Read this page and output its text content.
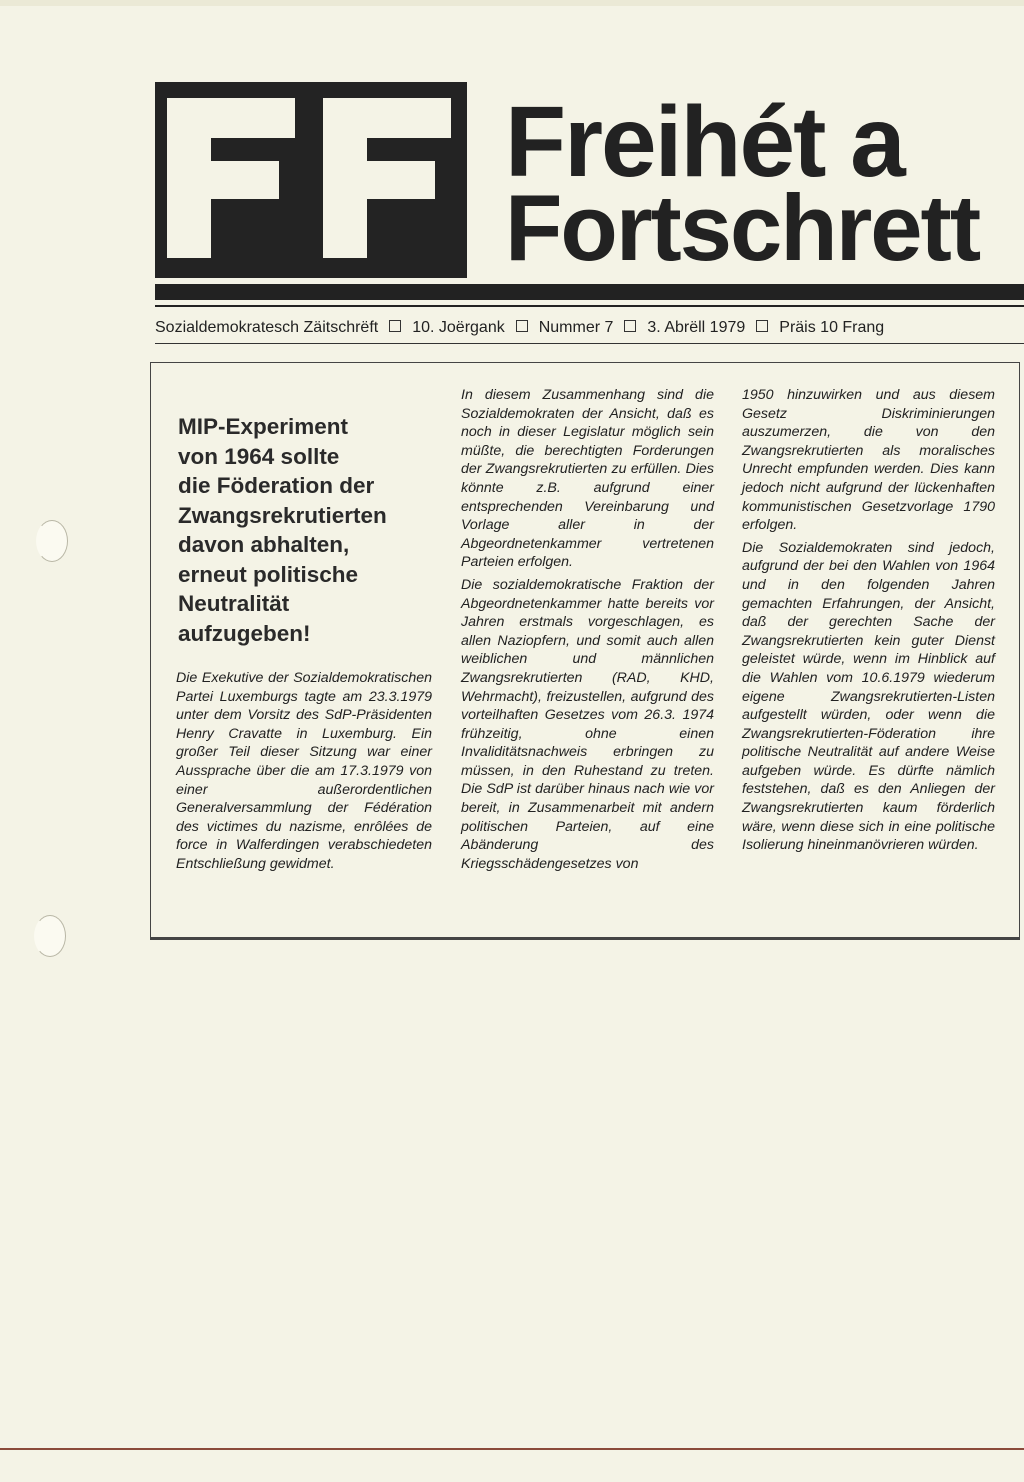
Freihét a
Fortschrett
Sozialdemokratesch Zäitschrëft 10. Joërgank Nummer 7 3. Abrëll 1979 Präis 10 Frang
MIP-Experiment
von 1964 sollte
die Föderation der
Zwangsrekrutierten
davon abhalten,
erneut politische
Neutralität
aufzugeben!

Die Exekutive der Sozialdemokratischen Partei Luxemburgs tagte am 23.3.1979 unter dem Vorsitz des SdP-Präsidenten Henry Cravatte in Luxemburg. Ein großer Teil dieser Sitzung war einer Aussprache über die am 17.3.1979 von einer außerordentlichen Generalversammlung der Fédération des victimes du nazisme, enrôlées de force in Walferdingen verabschiedeten Entschließung gewidmet.

In diesem Zusammenhang sind die Sozialdemokraten der Ansicht, daß es noch in dieser Legislatur möglich sein müßte, die berechtigten Forderungen der Zwangsrekrutierten zu erfüllen. Dies könnte z.B. aufgrund einer entsprechenden Vereinbarung und Vorlage aller in der Abgeordnetenkammer vertretenen Parteien erfolgen.

Die sozialdemokratische Fraktion der Abgeordnetenkammer hatte bereits vor Jahren erstmals vorgeschlagen, es allen Naziopfern, und somit auch allen weiblichen und männlichen Zwangsrekrutierten (RAD, KHD, Wehrmacht), freizustellen, aufgrund des vorteilhaften Gesetzes vom 26.3. 1974 frühzeitig, ohne einen Invaliditätsnachweis erbringen zu müssen, in den Ruhestand zu treten. Die SdP ist darüber hinaus nach wie vor bereit, in Zusammenarbeit mit andern politischen Parteien, auf eine Abänderung des Kriegsschädengesetzes von

1950 hinzuwirken und aus diesem Gesetz Diskriminierungen auszumerzen, die von den Zwangsrekrutierten als moralisches Unrecht empfunden werden. Dies kann jedoch nicht aufgrund der lückenhaften kommunistischen Gesetzvorlage 1790 erfolgen.

Die Sozialdemokraten sind jedoch, aufgrund der bei den Wahlen von 1964 und in den folgenden Jahren gemachten Erfahrungen, der Ansicht, daß der gerechten Sache der Zwangsrekrutierten kein guter Dienst geleistet würde, wenn im Hinblick auf die Wahlen vom 10.6.1979 wiederum eigene Zwangsrekrutierten-Listen aufgestellt würden, oder wenn die Zwangsrekrutierten-Föderation ihre politische Neutralität auf andere Weise aufgeben würde. Es dürfte nämlich feststehen, daß es den Anliegen der Zwangsrekrutierten kaum förderlich wäre, wenn diese sich in eine politische Isolierung hineinmanövrieren würden.
